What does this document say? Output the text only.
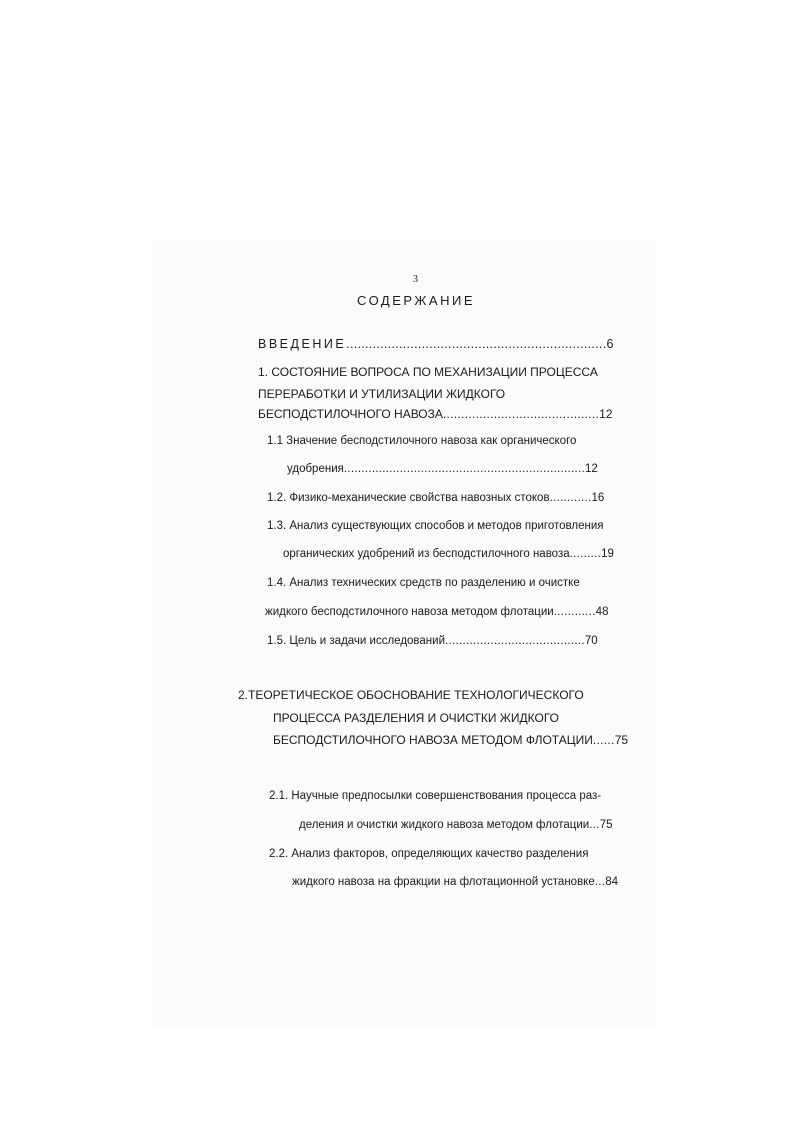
3
СОДЕРЖАНИЕ
ВВЕДЕНИЕ.....................................................................6
1. СОСТОЯНИЕ ВОПРОСА ПО МЕХАНИЗАЦИИ ПРОЦЕССА
ПЕРЕРАБОТКИ И УТИЛИЗАЦИИ ЖИДКОГО
БЕСПОДСТИЛОЧНОГО НАВОЗА...........................................12
1.1 Значение бесподстилочного навоза как органического
удобрения.....................................................................12
1.2. Физико-механические свойства навозных стоков............16
1.3. Анализ существующих способов и методов приготовления
органических удобрений из бесподстилочного навоза.........19
1.4. Анализ технических средств по разделению и очистке
жидкого бесподстилочного навоза методом флотации............48
1.5. Цель и задачи исследований........................................70
2.ТЕОРЕТИЧЕСКОЕ ОБОСНОВАНИЕ ТЕХНОЛОГИЧЕСКОГО
ПРОЦЕССА РАЗДЕЛЕНИЯ И ОЧИСТКИ ЖИДКОГО
БЕСПОДСТИЛОЧНОГО НАВОЗА МЕТОДОМ ФЛОТАЦИИ......75
2.1. Научные предпосылки совершенствования процесса раз-
деления и очистки жидкого навоза методом флотации...75
2.2. Анализ факторов, определяющих качество разделения
жидкого навоза на фракции на флотационной установке...84
